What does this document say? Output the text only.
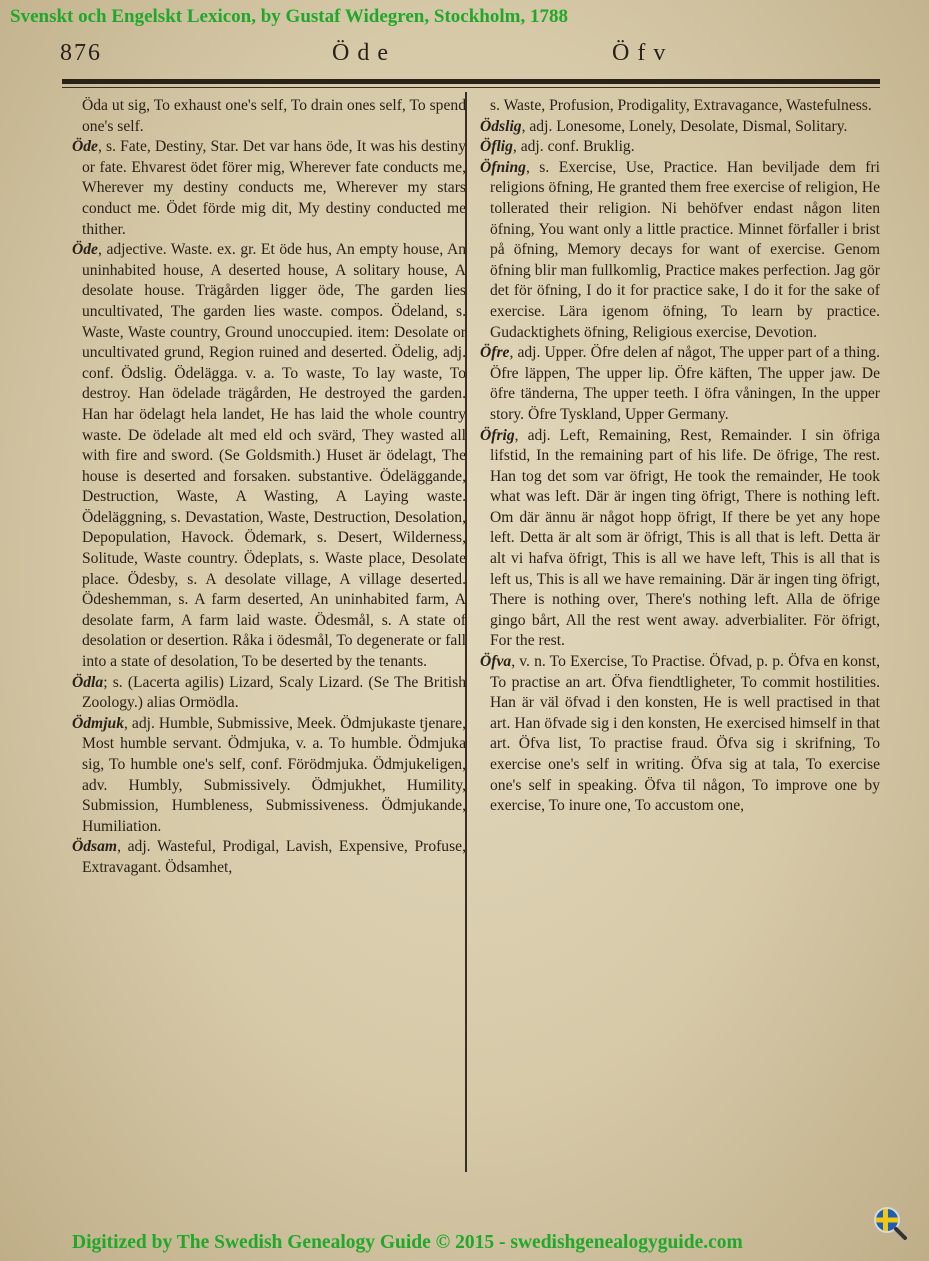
Svenskt och Engelskt Lexicon, by Gustaf Widegren, Stockholm, 1788
876	Öde	Öfv
Öda ut sig, To exhaust one's self, To drain ones self, To spend one's self.
Öde, s. Fate, Destiny, Star. Det var hans öde, It was his destiny or fate. Ehvarest ödet förer mig, Wherever fate conducts me, Wherever my destiny conducts me, Wherever my stars conduct me. Ödet förde mig dit, My destiny conducted me thither.
Öde, adjective. Waste. ex. gr. Et öde hus, An empty house, An uninhabited house, A deserted house, A solitary house, A desolate house. Trägården ligger öde, The garden lies uncultivated, The garden lies waste. compos. Ödeland, s. Waste, Waste country, Ground unoccupied. item: Desolate or uncultivated grund, Region ruined and deserted. Ödelig, adj. conf. Ödslig. Ödelägga. v. a. To waste, To lay waste, To destroy. Han ödelade trägården, He destroyed the garden. Han har ödelagt hela landet, He has laid the whole country waste. De ödelade alt med eld och svärd, They wasted all with fire and sword. (Se Goldsmith.) Huset är ödelagt, The house is deserted and forsaken. substantive. Ödeläggande, Destruction, Waste, A Wasting, A Laying waste. Ödeläggning, s. Devastation, Waste, Destruction, Desolation, Depopulation, Havock. Ödemark, s. Desert, Wilderness, Solitude, Waste country. Ödeplats, s. Waste place, Desolate place. Ödesby, s. A desolate village, A village deserted. Ödeshemman, s. A farm deserted, An uninhabited farm, A desolate farm, A farm laid waste. Ödesmål, s. A state of desolation or desertion. Råka i ödesmål, To degenerate or fall into a state of desolation, To be deserted by the tenants.
Ödla; s. (Lacerta agilis) Lizard, Scaly Lizard. (Se The British Zoology.) alias Ormödla.
Ödmjuk, adj. Humble, Submissive, Meek. Ödmjukaste tjenare, Most humble servant. Ödmjuka, v. a. To humble. Ödmjuka sig, To humble one's self, conf. Förödmjuka. Ödmjukeligen, adv. Humbly, Submissively. Ödmjukhet, Humility, Submission, Humbleness, Submissiveness. Ödmjukande, Humiliation.
Ödsam, adj. Wasteful, Prodigal, Lavish, Expensive, Profuse, Extravagant. Ödsamhet,
s. Waste, Profusion, Prodigality, Extravagance, Wastefulness.
Ödslig, adj. Lonesome, Lonely, Desolate, Dismal, Solitary.
Öflig, adj. conf. Bruklig.
Öfning, s. Exercise, Use, Practice. Han beviljade dem fri religions öfning, He granted them free exercise of religion, He tollerated their religion. Ni behöfver endast någon liten öfning, You want only a little practice. Minnet förfaller i brist på öfning, Memory decays for want of exercise. Genom öfning blir man fullkomlig, Practice makes perfection. Jag gör det för öfning, I do it for practice sake, I do it for the sake of exercise. Lära igenom öfning, To learn by practice. Gudacktighets öfning, Religious exercise, Devotion.
Öfre, adj. Upper. Öfre delen af något, The upper part of a thing. Öfre läppen, The upper lip. Öfre käften, The upper jaw. De öfre tänderna, The upper teeth. I öfra våningen, In the upper story. Öfre Tyskland, Upper Germany.
Öfrig, adj. Left, Remaining, Rest, Remainder. I sin öfriga lifstid, In the remaining part of his life. De öfrige, The rest. Han tog det som var öfrigt, He took the remainder, He took what was left. Där är ingen ting öfrigt, There is nothing left. Om där ännu är något hopp öfrigt, If there be yet any hope left. Detta är alt som är öfrigt, This is all that is left. Detta är alt vi hafva öfrigt, This is all we have left, This is all that is left us, This is all we have remaining. Där är ingen ting öfrigt, There is nothing over, There's nothing left. Alla de öfrige gingo bårt, All the rest went away. adverbialiter. För öfrigt, For the rest.
Öfva, v. n. To Exercise, To Practise. Öfvad, p. p. Öfva en konst, To practise an art. Öfva fiendtligheter, To commit hostilities. Han är väl öfvad i den konsten, He is well practised in that art. Han öfvade sig i den konsten, He exercised himself in that art. Öfva list, To practise fraud. Öfva sig i skrifning, To exercise one's self in writing. Öfva sig at tala, To exercise one's self in speaking. Öfva til någon, To improve one by exercise, To inure one, To accustom one,
Digitized by The Swedish Genealogy Guide © 2015 - swedishgenealogyguide.com
